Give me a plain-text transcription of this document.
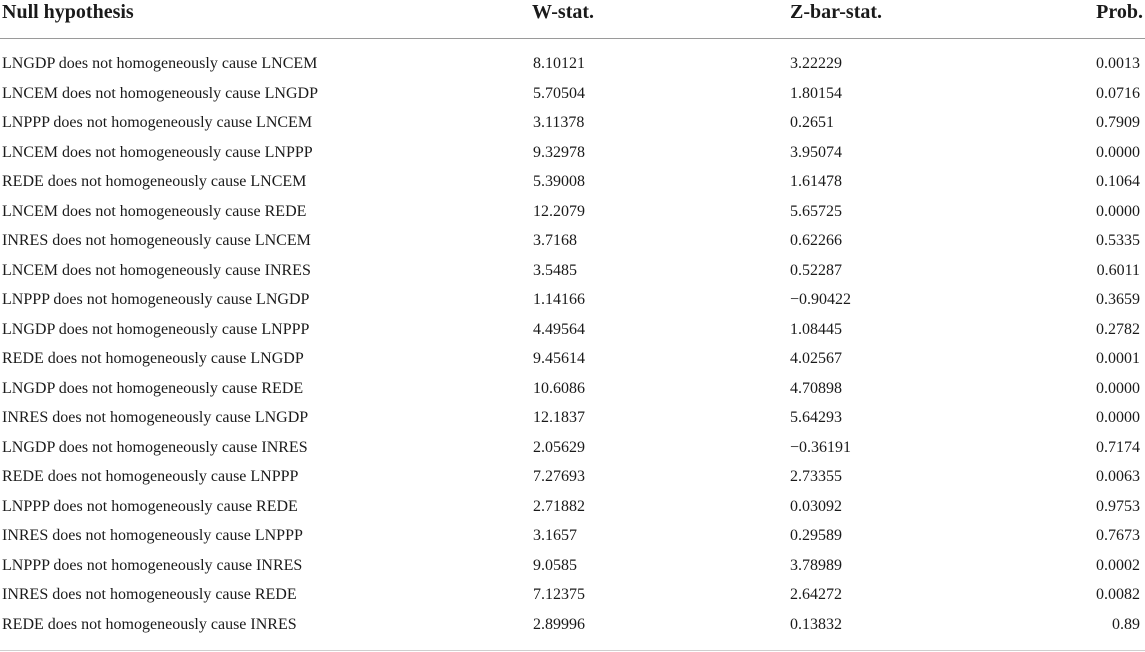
Null hypothesis	W-stat.	Z-bar-stat.	Prob.
LNGDP does not homogeneously cause LNCEM	8.10121	3.22229	0.0013
LNCEM does not homogeneously cause LNGDP	5.70504	1.80154	0.0716
LNPPP does not homogeneously cause LNCEM	3.11378	0.2651	0.7909
LNCEM does not homogeneously cause LNPPP	9.32978	3.95074	0.0000
REDE does not homogeneously cause LNCEM	5.39008	1.61478	0.1064
LNCEM does not homogeneously cause REDE	12.2079	5.65725	0.0000
INRES does not homogeneously cause LNCEM	3.7168	0.62266	0.5335
LNCEM does not homogeneously cause INRES	3.5485	0.52287	0.6011
LNPPP does not homogeneously cause LNGDP	1.14166	−0.90422	0.3659
LNGDP does not homogeneously cause LNPPP	4.49564	1.08445	0.2782
REDE does not homogeneously cause LNGDP	9.45614	4.02567	0.0001
LNGDP does not homogeneously cause REDE	10.6086	4.70898	0.0000
INRES does not homogeneously cause LNGDP	12.1837	5.64293	0.0000
LNGDP does not homogeneously cause INRES	2.05629	−0.36191	0.7174
REDE does not homogeneously cause LNPPP	7.27693	2.73355	0.0063
LNPPP does not homogeneously cause REDE	2.71882	0.03092	0.9753
INRES does not homogeneously cause LNPPP	3.1657	0.29589	0.7673
LNPPP does not homogeneously cause INRES	9.0585	3.78989	0.0002
INRES does not homogeneously cause REDE	7.12375	2.64272	0.0082
REDE does not homogeneously cause INRES	2.89996	0.13832	0.89
